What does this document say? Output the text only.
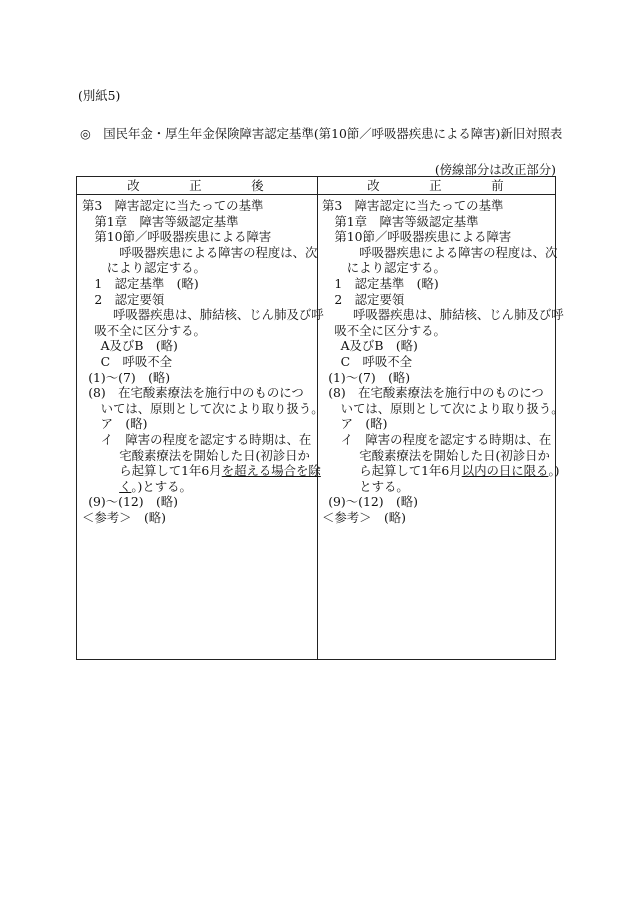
(別紙5)
◎　国民年金・厚生年金保険障害認定基準(第10節／呼吸器疾患による障害)新旧対照表
(傍線部分は改正部分)
改　　　正　　　後	改　　　正　　　前
第3　障害認定に当たっての基準
第1章　障害等級認定基準
第10節／呼吸器疾患による障害
呼吸器疾患による障害の程度は、次
により認定する。
1　認定基準　(略)
2　認定要領
呼吸器疾患は、肺結核、じん肺及び呼
吸不全に区分する。
A及びB　(略)
C　呼吸不全
(1)～(7)　(略)
(8)　在宅酸素療法を施行中のものにつ
いては、原則として次により取り扱う。
ア　(略)
イ　障害の程度を認定する時期は、在
宅酸素療法を開始した日(初診日か
ら起算して1年6月を超える場合を除
く。)とする。
(9)～(12)　(略)
＜参考＞　(略)
第3　障害認定に当たっての基準
第1章　障害等級認定基準
第10節／呼吸器疾患による障害
呼吸器疾患による障害の程度は、次
により認定する。
1　認定基準　(略)
2　認定要領
呼吸器疾患は、肺結核、じん肺及び呼
吸不全に区分する。
A及びB　(略)
C　呼吸不全
(1)～(7)　(略)
(8)　在宅酸素療法を施行中のものにつ
いては、原則として次により取り扱う。
ア　(略)
イ　障害の程度を認定する時期は、在
宅酸素療法を開始した日(初診日か
ら起算して1年6月以内の日に限る。)
とする。
(9)～(12)　(略)
＜参考＞　(略)
